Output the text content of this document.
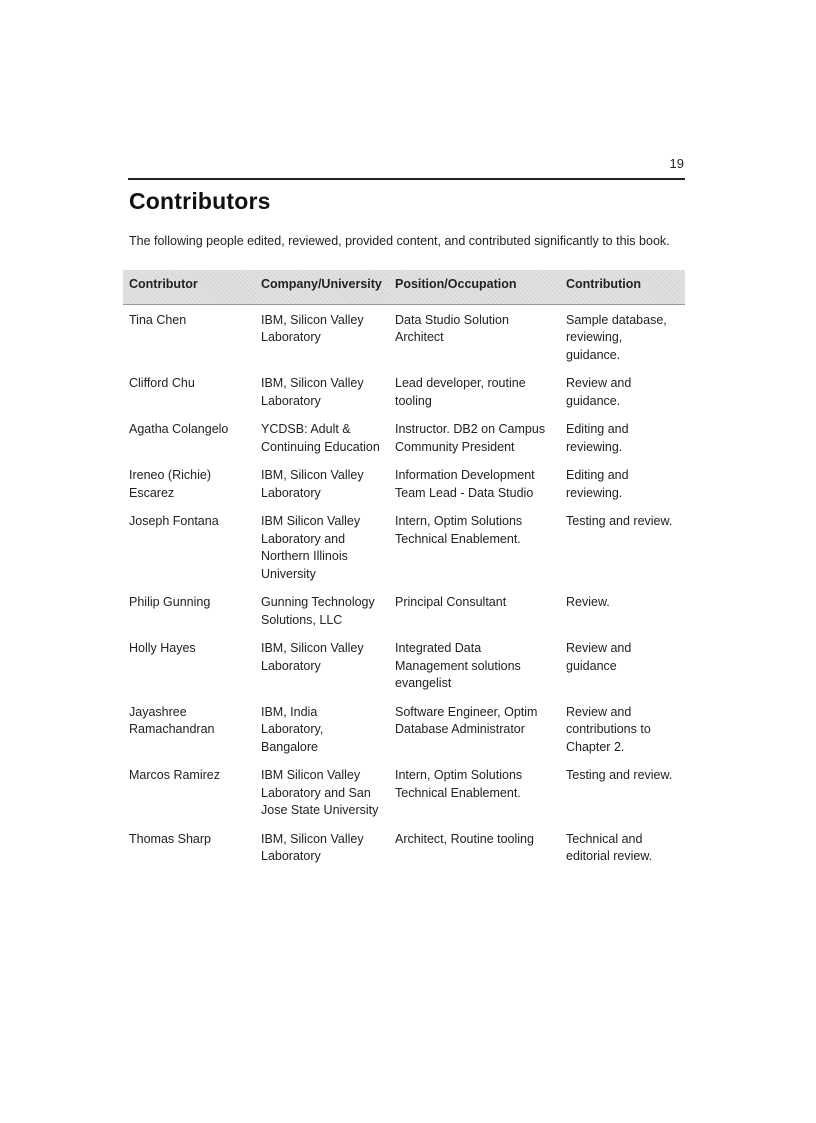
19
Contributors

The following people edited, reviewed, provided content, and contributed significantly to this book.

Contributor	Company/University	Position/Occupation	Contribution
Tina Chen	IBM, Silicon Valley Laboratory	Data Studio Solution Architect	Sample database, reviewing, guidance.
Clifford Chu	IBM, Silicon Valley Laboratory	Lead developer, routine tooling	Review and guidance.
Agatha Colangelo	YCDSB: Adult & Continuing Education	Instructor. DB2 on Campus Community President	Editing and reviewing.
Ireneo (Richie) Escarez	IBM, Silicon Valley Laboratory	Information Development Team Lead - Data Studio	Editing and reviewing.
Joseph Fontana	IBM Silicon Valley Laboratory and Northern Illinois University	Intern, Optim Solutions Technical Enablement.	Testing and review.
Philip Gunning	Gunning Technology Solutions, LLC	Principal Consultant	Review.
Holly Hayes	IBM, Silicon Valley Laboratory	Integrated Data Management solutions evangelist	Review and guidance
Jayashree Ramachandran	IBM, India Laboratory, Bangalore	Software Engineer, Optim Database Administrator	Review and contributions to Chapter 2.
Marcos Ramirez	IBM Silicon Valley Laboratory and San Jose State University	Intern, Optim Solutions Technical Enablement.	Testing and review.
Thomas Sharp	IBM, Silicon Valley Laboratory	Architect, Routine tooling	Technical and editorial review.
